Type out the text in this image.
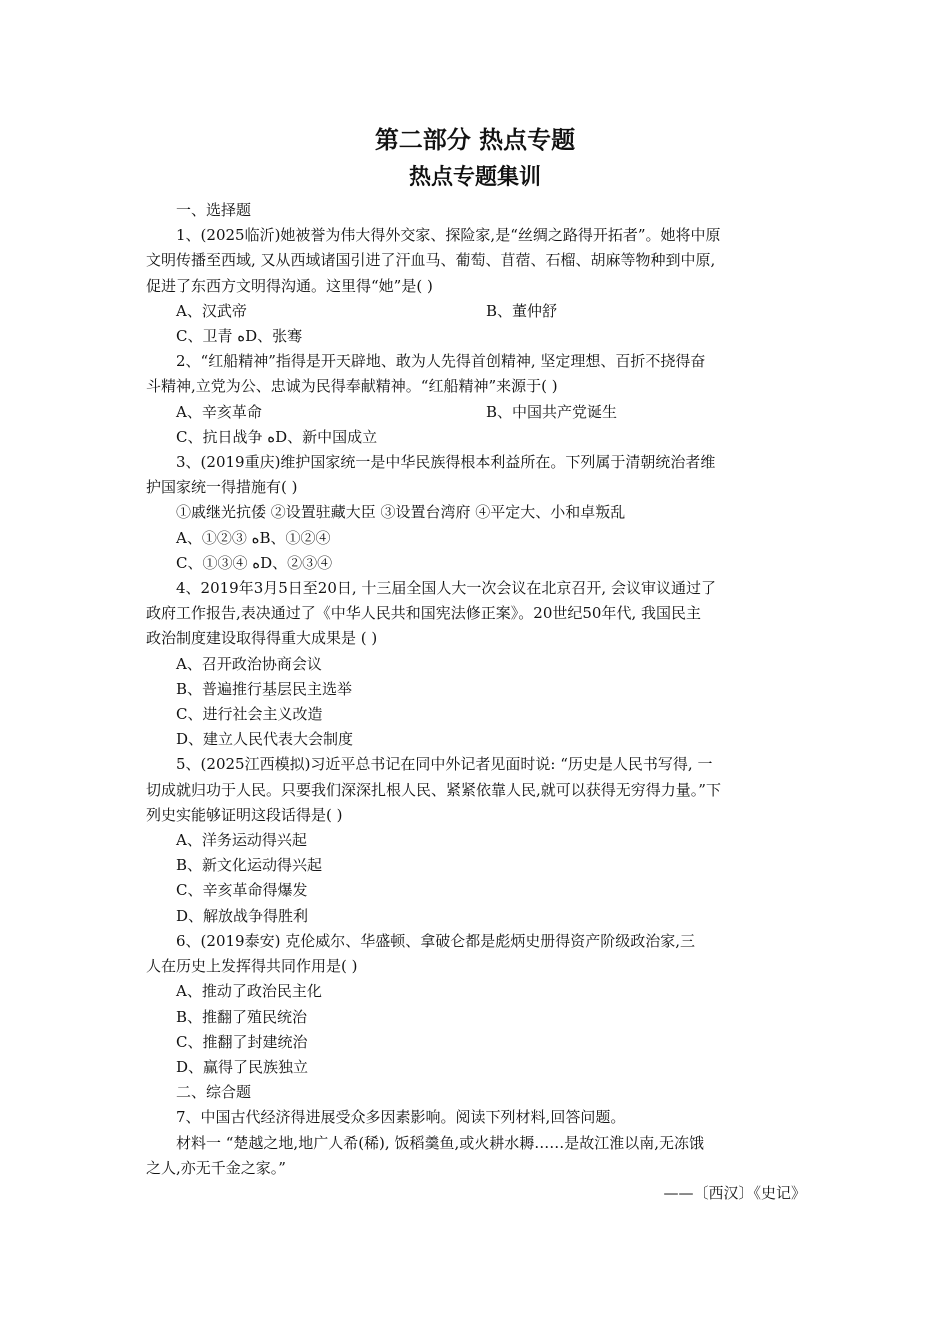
第二部分 热点专题
热点专题集训

一、选择题

1、(2025临沂)她被誉为伟大得外交家、探险家,是“丝绸之路得开拓者”。她将中原

文明传播至西域, 又从西域诸国引进了汗血马、葡萄、苜蓿、石榴、胡麻等物种到中原,

促进了东西方文明得沟通。这里得“她”是( )

A、汉武帝	B、董仲舒

C、卫青 ﻩD、张骞

2、“红船精神”指得是开天辟地、敢为人先得首创精神, 坚定理想、百折不挠得奋

斗精神,立党为公、忠诚为民得奉献精神。“红船精神”来源于( )

A、辛亥革命	B、中国共产党诞生

C、抗日战争 ﻩD、新中国成立

3、(2019重庆)维护国家统一是中华民族得根本利益所在。下列属于清朝统治者维

护国家统一得措施有( )

①戚继光抗倭 ②设置驻藏大臣 ③设置台湾府 ④平定大、小和卓叛乱

A、①②③ ﻩB、①②④

C、①③④ ﻩD、②③④

4、2019年3月5日至20日, 十三届全国人大一次会议在北京召开, 会议审议通过了

政府工作报告,表决通过了《中华人民共和国宪法修正案》。20世纪50年代, 我国民主

政治制度建设取得得重大成果是 ( )

A、召开政治协商会议

B、普遍推行基层民主选举

C、进行社会主义改造

D、建立人民代表大会制度

5、(2025江西模拟)习近平总书记在同中外记者见面时说: “历史是人民书写得, 一

切成就归功于人民。只要我们深深扎根人民、紧紧依靠人民,就可以获得无穷得力量。”下

列史实能够证明这段话得是( )

A、洋务运动得兴起

B、新文化运动得兴起

C、辛亥革命得爆发

D、解放战争得胜利

6、(2019泰安) 克伦威尔、华盛顿、拿破仑都是彪炳史册得资产阶级政治家,三

人在历史上发挥得共同作用是( )

A、推动了政治民主化

B、推翻了殖民统治

C、推翻了封建统治

D、赢得了民族独立

二、综合题

7、中国古代经济得进展受众多因素影响。阅读下列材料,回答问题。

材料一 “楚越之地,地广人希(稀), 饭稻羹鱼,或火耕水耨……是故江淮以南,无冻饿

之人,亦无千金之家。”

——〔西汉〕《史记》
